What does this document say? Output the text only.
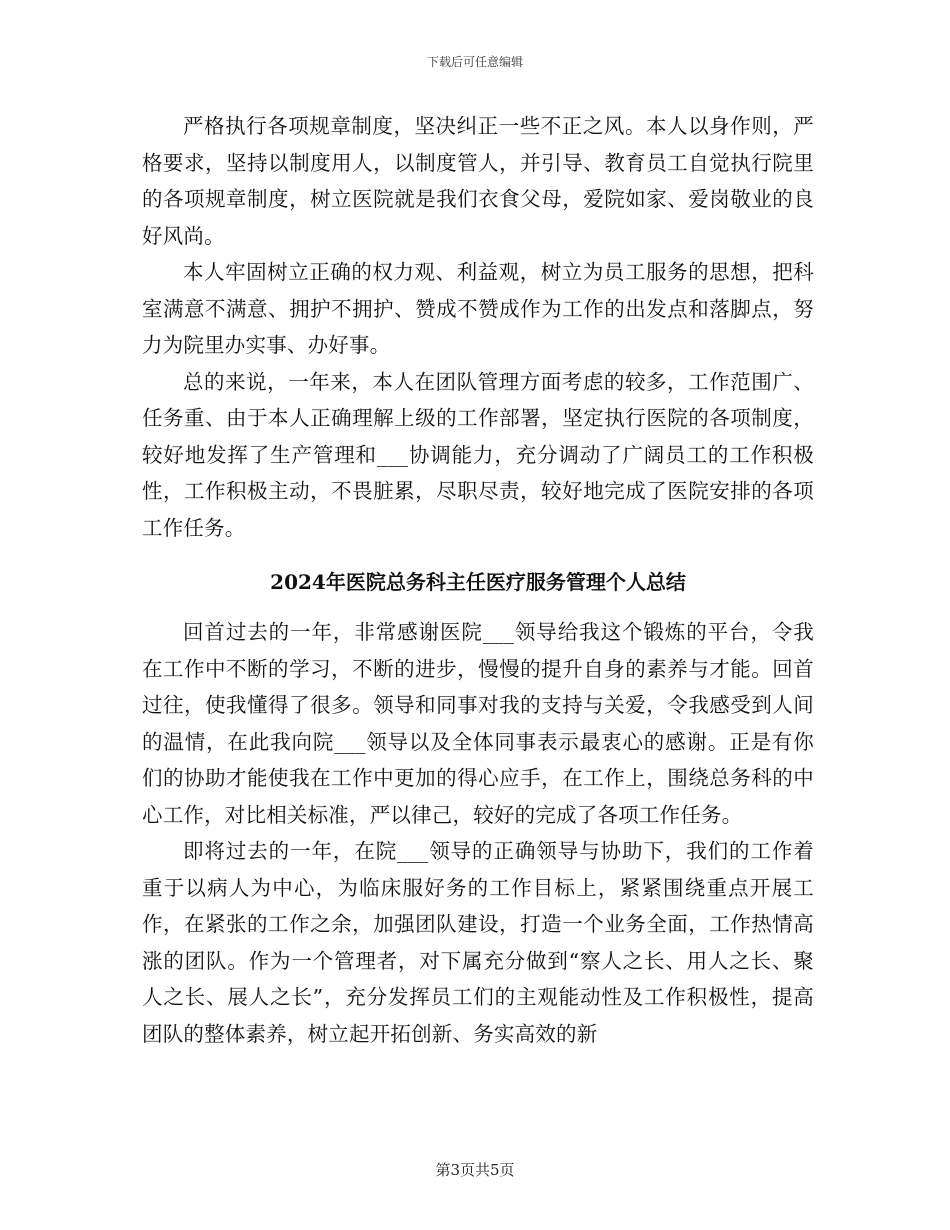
下载后可任意编辑

严格执行各项规章制度，坚决纠正一些不正之风。本人以身作则，严格要求，坚持以制度用人，以制度管人，并引导、教育员工自觉执行院里的各项规章制度，树立医院就是我们衣食父母，爱院如家、爱岗敬业的良好风尚。

本人牢固树立正确的权力观、利益观，树立为员工服务的思想，把科室满意不满意、拥护不拥护、赞成不赞成作为工作的出发点和落脚点，努力为院里办实事、办好事。

总的来说，一年来，本人在团队管理方面考虑的较多，工作范围广、任务重、由于本人正确理解上级的工作部署，坚定执行医院的各项制度，较好地发挥了生产管理和___协调能力，充分调动了广阔员工的工作积极性，工作积极主动，不畏脏累，尽职尽责，较好地完成了医院安排的各项工作任务。

2024年医院总务科主任医疗服务管理个人总结

回首过去的一年，非常感谢医院___领导给我这个锻炼的平台，令我在工作中不断的学习，不断的进步，慢慢的提升自身的素养与才能。回首过往，使我懂得了很多。领导和同事对我的支持与关爱，令我感受到人间的温情，在此我向院___领导以及全体同事表示最衷心的感谢。正是有你们的协助才能使我在工作中更加的得心应手，在工作上，围绕总务科的中心工作，对比相关标准，严以律己，较好的完成了各项工作任务。

即将过去的一年，在院___领导的正确领导与协助下，我们的工作着重于以病人为中心，为临床服好务的工作目标上，紧紧围绕重点开展工作，在紧张的工作之余，加强团队建设，打造一个业务全面，工作热情高涨的团队。作为一个管理者，对下属充分做到“察人之长、用人之长、聚人之长、展人之长”，充分发挥员工们的主观能动性及工作积极性，提高团队的整体素养，树立起开拓创新、务实高效的新

第3页共5页
